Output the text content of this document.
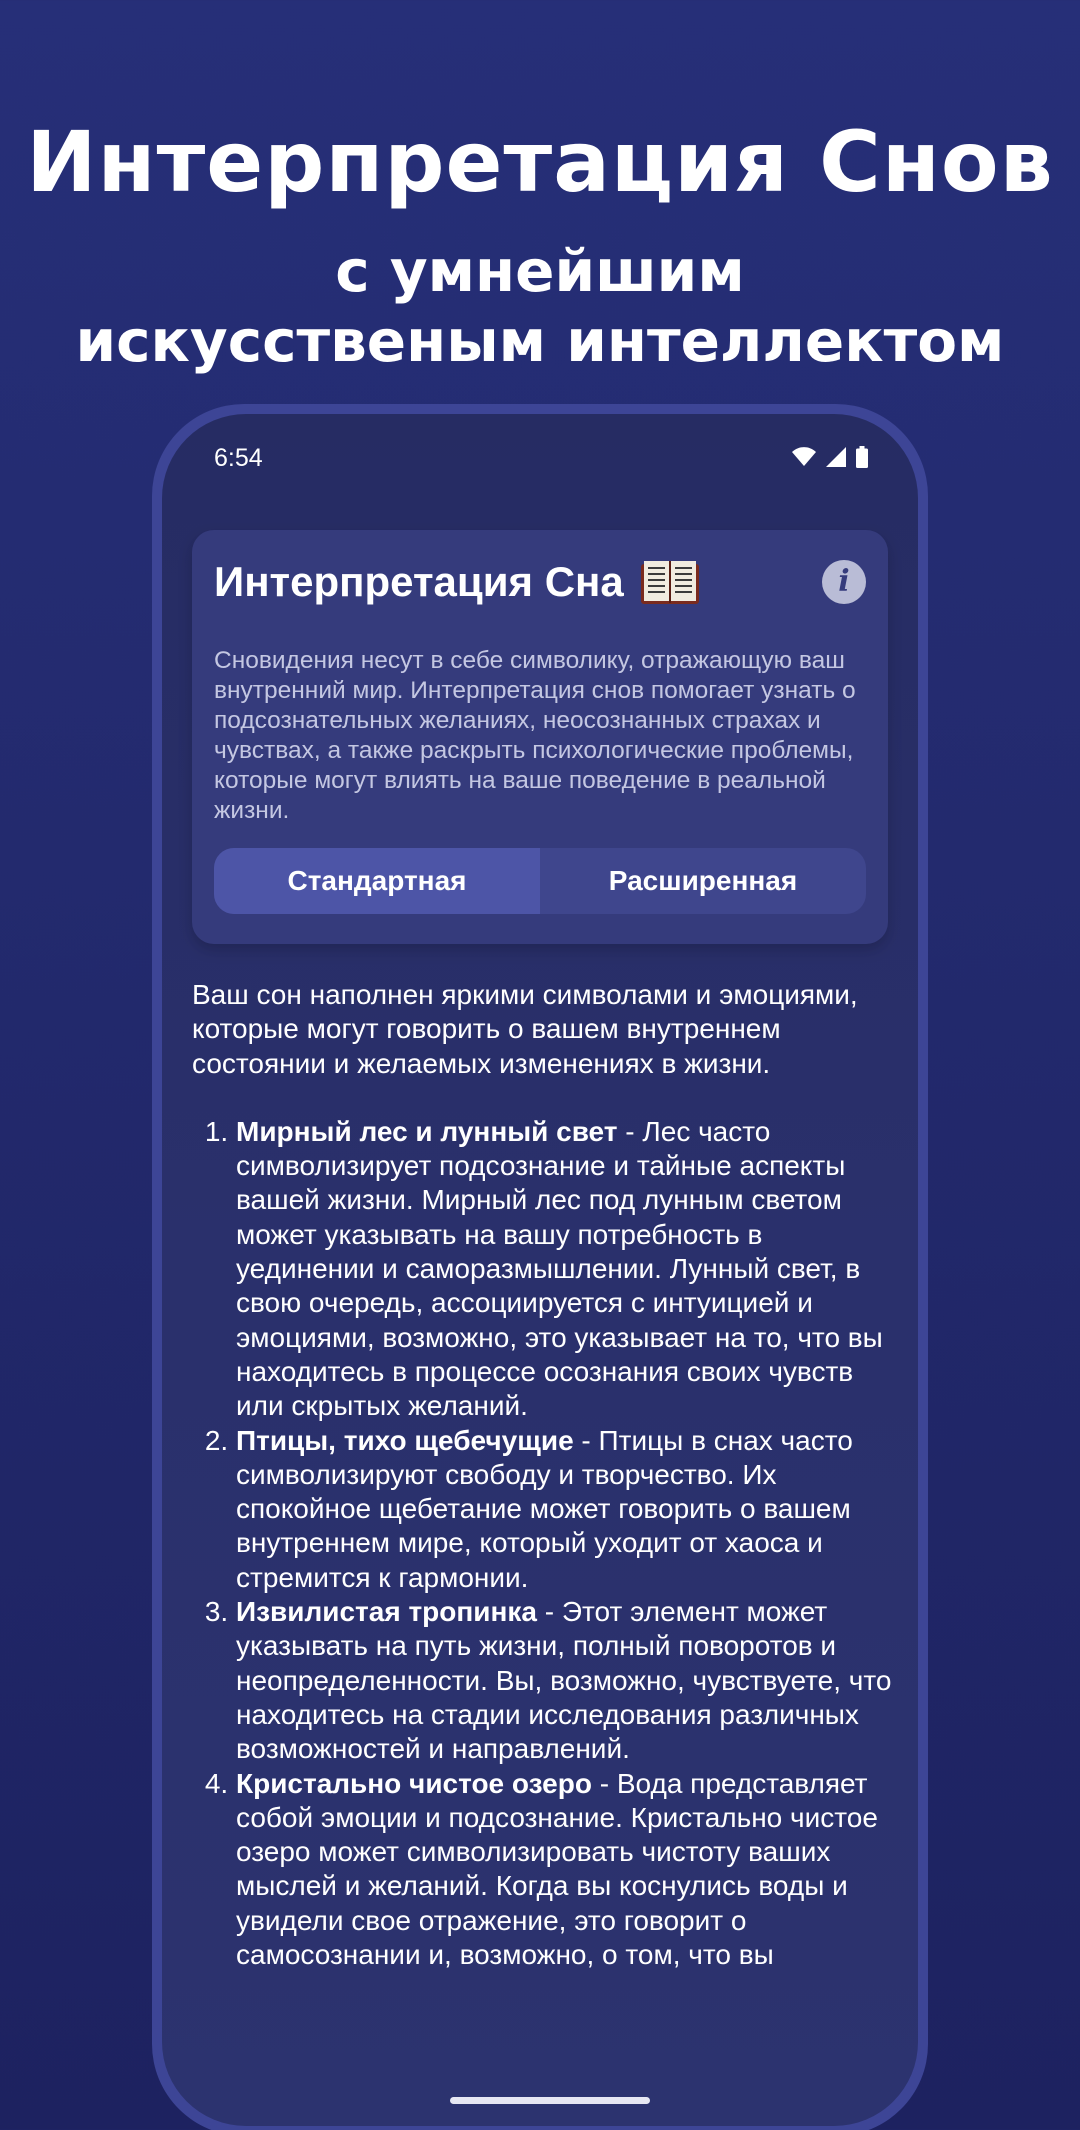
Интерпретация Снов
с умнейшим
искусственым интеллектом
6:54
Интерпретация Сна	i

Сновидения несут в себе символику, отражающую ваш внутренний мир. Интерпретация снов помогает узнать о подсознательных желаниях, неосознанных страхах и чувствах, а также раскрыть психологические проблемы, которые могут влиять на ваше поведение в реальной жизни.

Стандартная	Расширенная

Ваш сон наполнен яркими символами и эмоциями, которые могут говорить о вашем внутреннем состоянии и желаемых изменениях в жизни.

1. Мирный лес и лунный свет - Лес часто символизирует подсознание и тайные аспекты вашей жизни. Мирный лес под лунным светом может указывать на вашу потребность в уединении и саморазмышлении. Лунный свет, в свою очередь, ассоциируется с интуицией и эмоциями, возможно, это указывает на то, что вы находитесь в процессе осознания своих чувств или скрытых желаний.
2. Птицы, тихо щебечущие - Птицы в снах часто символизируют свободу и творчество. Их спокойное щебетание может говорить о вашем внутреннем мире, который уходит от хаоса и стремится к гармонии.
3. Извилистая тропинка - Этот элемент может указывать на путь жизни, полный поворотов и неопределенности. Вы, возможно, чувствуете, что находитесь на стадии исследования различных возможностей и направлений.
4. Кристально чистое озеро - Вода представляет собой эмоции и подсознание. Кристально чистое озеро может символизировать чистоту ваших мыслей и желаний. Когда вы коснулись воды и увидели свое отражение, это говорит о самосознании и, возможно, о том, что вы
